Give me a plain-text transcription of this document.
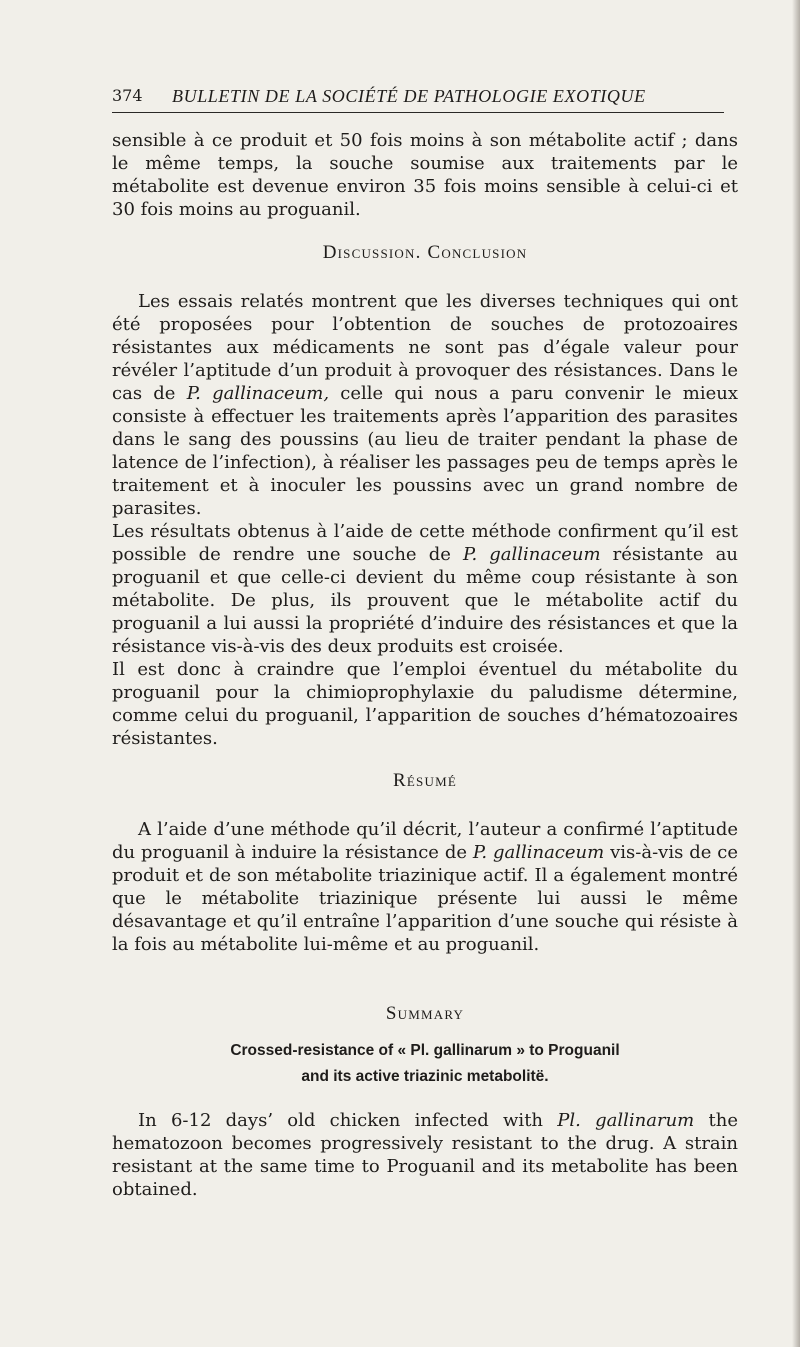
374 BULLETIN DE LA SOCIÉTÉ DE PATHOLOGIE EXOTIQUE

sensible à ce produit et 50 fois moins à son métabolite actif ; dans le même temps, la souche soumise aux traitements par le métabolite est devenue environ 35 fois moins sensible à celui-ci et 30 fois moins au proguanil.

Discussion. Conclusion

Les essais relatés montrent que les diverses techniques qui ont été proposées pour l’obtention de souches de protozoaires résistantes aux médicaments ne sont pas d’égale valeur pour révéler l’aptitude d’un produit à provoquer des résistances. Dans le cas de P. gallinaceum, celle qui nous a paru convenir le mieux consiste à effectuer les traitements après l’apparition des parasites dans le sang des poussins (au lieu de traiter pendant la phase de latence de l’infection), à réaliser les passages peu de temps après le traitement et à inoculer les poussins avec un grand nombre de parasites.

Les résultats obtenus à l’aide de cette méthode confirment qu’il est possible de rendre une souche de P. gallinaceum résistante au proguanil et que celle-ci devient du même coup résistante à son métabolite. De plus, ils prouvent que le métabolite actif du proguanil a lui aussi la propriété d’induire des résistances et que la résistance vis-à-vis des deux produits est croisée.

Il est donc à craindre que l’emploi éventuel du métabolite du proguanil pour la chimioprophylaxie du paludisme détermine, comme celui du proguanil, l’apparition de souches d’hématozoaires résistantes.

Résumé

A l’aide d’une méthode qu’il décrit, l’auteur a confirmé l’aptitude du proguanil à induire la résistance de P. gallinaceum vis-à-vis de ce produit et de son métabolite triazinique actif. Il a également montré que le métabolite triazinique présente lui aussi le même désavantage et qu’il entraîne l’apparition d’une souche qui résiste à la fois au métabolite lui-même et au proguanil.

Summary
Crossed-resistance of « Pl. gallinarum » to Proguanil
and its active triazinic metabolitë.

In 6-12 days’ old chicken infected with Pl. gallinarum the hematozoon becomes progressively resistant to the drug. A strain resistant at the same time to Proguanil and its metabolite has been obtained.
